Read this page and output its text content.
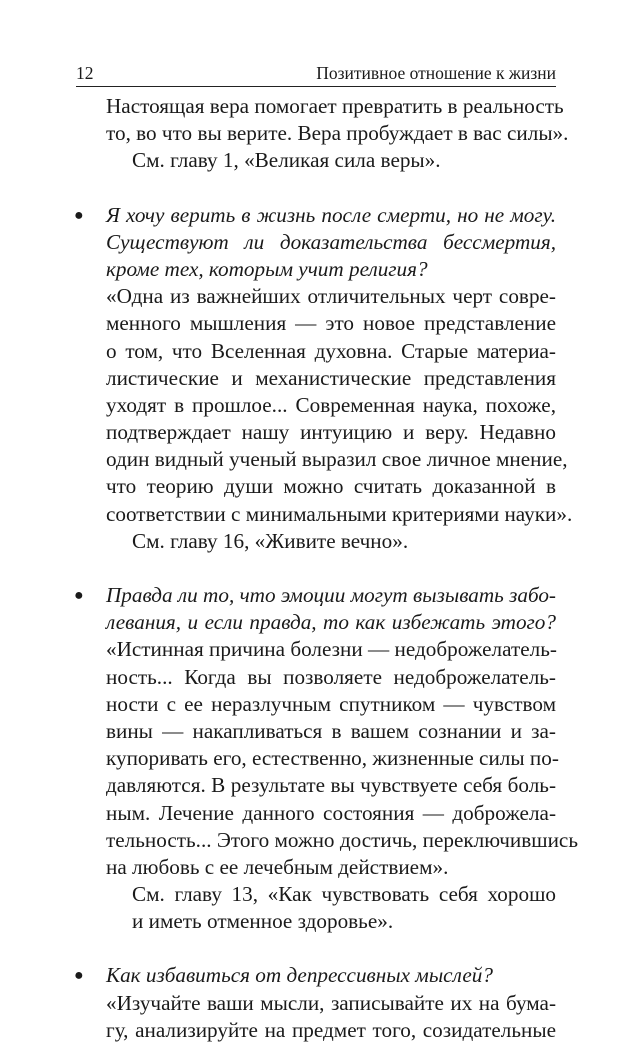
12	Позитивное отношение к жизни
Настоящая вера помогает превратить в реальность
то, во что вы верите. Вера пробуждает в вас силы».
См. главу 1, «Великая сила веры».
● Я хочу верить в жизнь после смерти, но не могу.
Существуют ли доказательства бессмертия,
кроме тех, которым учит религия?
«Одна из важнейших отличительных черт совре-
менного мышления — это новое представление
о том, что Вселенная духовна. Старые материа-
листические и механистические представления
уходят в прошлое... Современная наука, похоже,
подтверждает нашу интуицию и веру. Недавно
один видный ученый выразил свое личное мнение,
что теорию души можно считать доказанной в
соответствии с минимальными критериями науки».
См. главу 16, «Живите вечно».
● Правда ли то, что эмоции могут вызывать забо-
левания, и если правда, то как избежать этого?
«Истинная причина болезни — недоброжелатель-
ность... Когда вы позволяете недоброжелатель-
ности с ее неразлучным спутником — чувством
вины — накапливаться в вашем сознании и за-
купоривать его, естественно, жизненные силы по-
давляются. В результате вы чувствуете себя боль-
ным. Лечение данного состояния — доброжела-
тельность... Этого можно достичь, переключившись
на любовь с ее лечебным действием».
См. главу 13, «Как чувствовать себя хорошо
и иметь отменное здоровье».
● Как избавиться от депрессивных мыслей?
«Изучайте ваши мысли, записывайте их на бума-
гу, анализируйте на предмет того, созидательные
